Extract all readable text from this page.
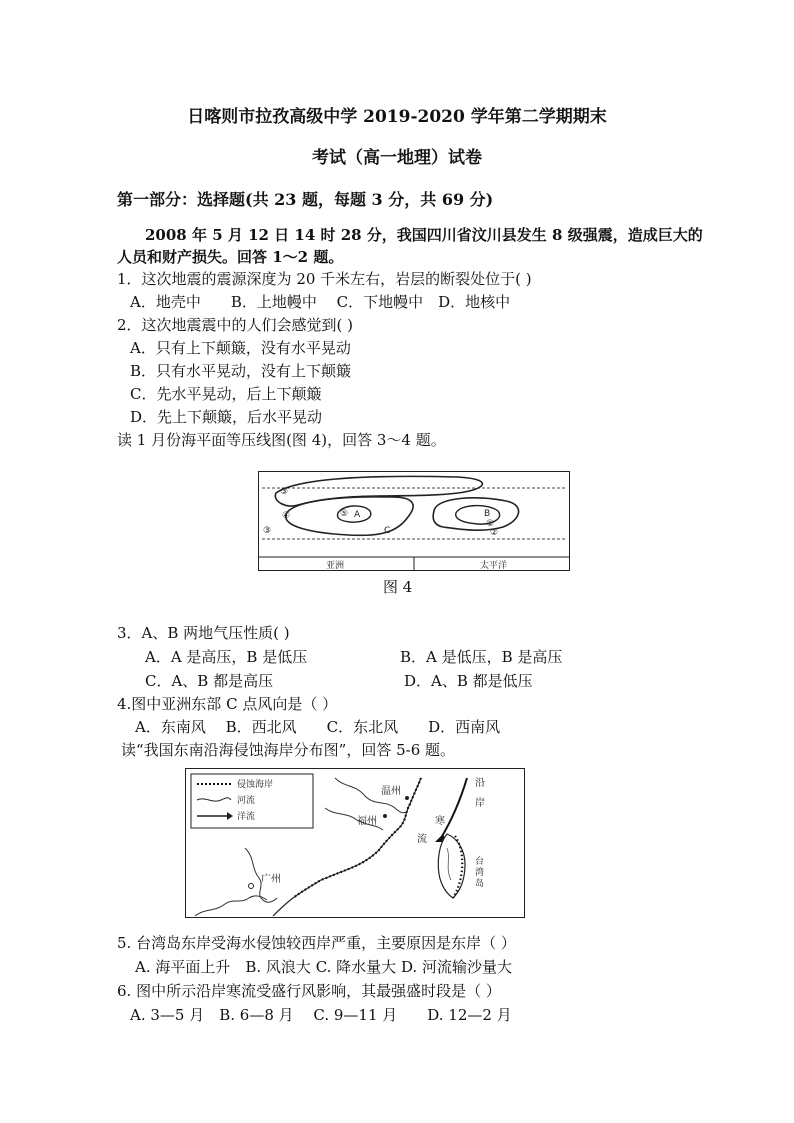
日喀则市拉孜高级中学 2019-2020 学年第二学期期末
考试（高一地理）试卷
第一部分：选择题(共 23 题，每题 3 分，共 69 分)
2008 年 5 月 12 日 14 时 28 分，我国四川省汶川县发生 8 级强震，造成巨大的
人员和财产损失。回答 1～2 题。
1．这次地震的震源深度为 20 千米左右，岩层的断裂处位于( )
A．地壳中　　B．上地幔中　 C．下地幔中　D．地核中
2．这次地震震中的人们会感觉到( )
A．只有上下颠簸，没有水平晃动
B．只有水平晃动，没有上下颠簸
C．先水平晃动，后上下颠簸
D．先上下颠簸，后水平晃动
读 1 月份海平面等压线图(图 4)，回答 3～4 题。
③
④	⑤
③
①
②
A	B
C
亚洲	太平洋
图 4
3．A、B 两地气压性质( )
A．A 是高压，B 是低压	B．A 是低压，B 是高压
C．A、B 都是高压	D．A、B 都是低压
4.图中亚洲东部 C 点风向是（ ）
A．东南风　 B．西北风　　C．东北风　　D．西南风
读“我国东南沿海侵蚀海岸分布图”，回答 5-6 题。
侵蚀海岸
河流
洋流
温州
福州
广州
沿
岸
寒
流
台
湾
岛
5. 台湾岛东岸受海水侵蚀较西岸严重，主要原因是东岸（ ）
A. 海平面上升　B. 风浪大 C. 降水量大 D. 河流输沙量大
6. 图中所示沿岸寒流受盛行风影响，其最强盛时段是（ ）
A. 3—5 月　B. 6—8 月　 C. 9—11 月　　D. 12—2 月
